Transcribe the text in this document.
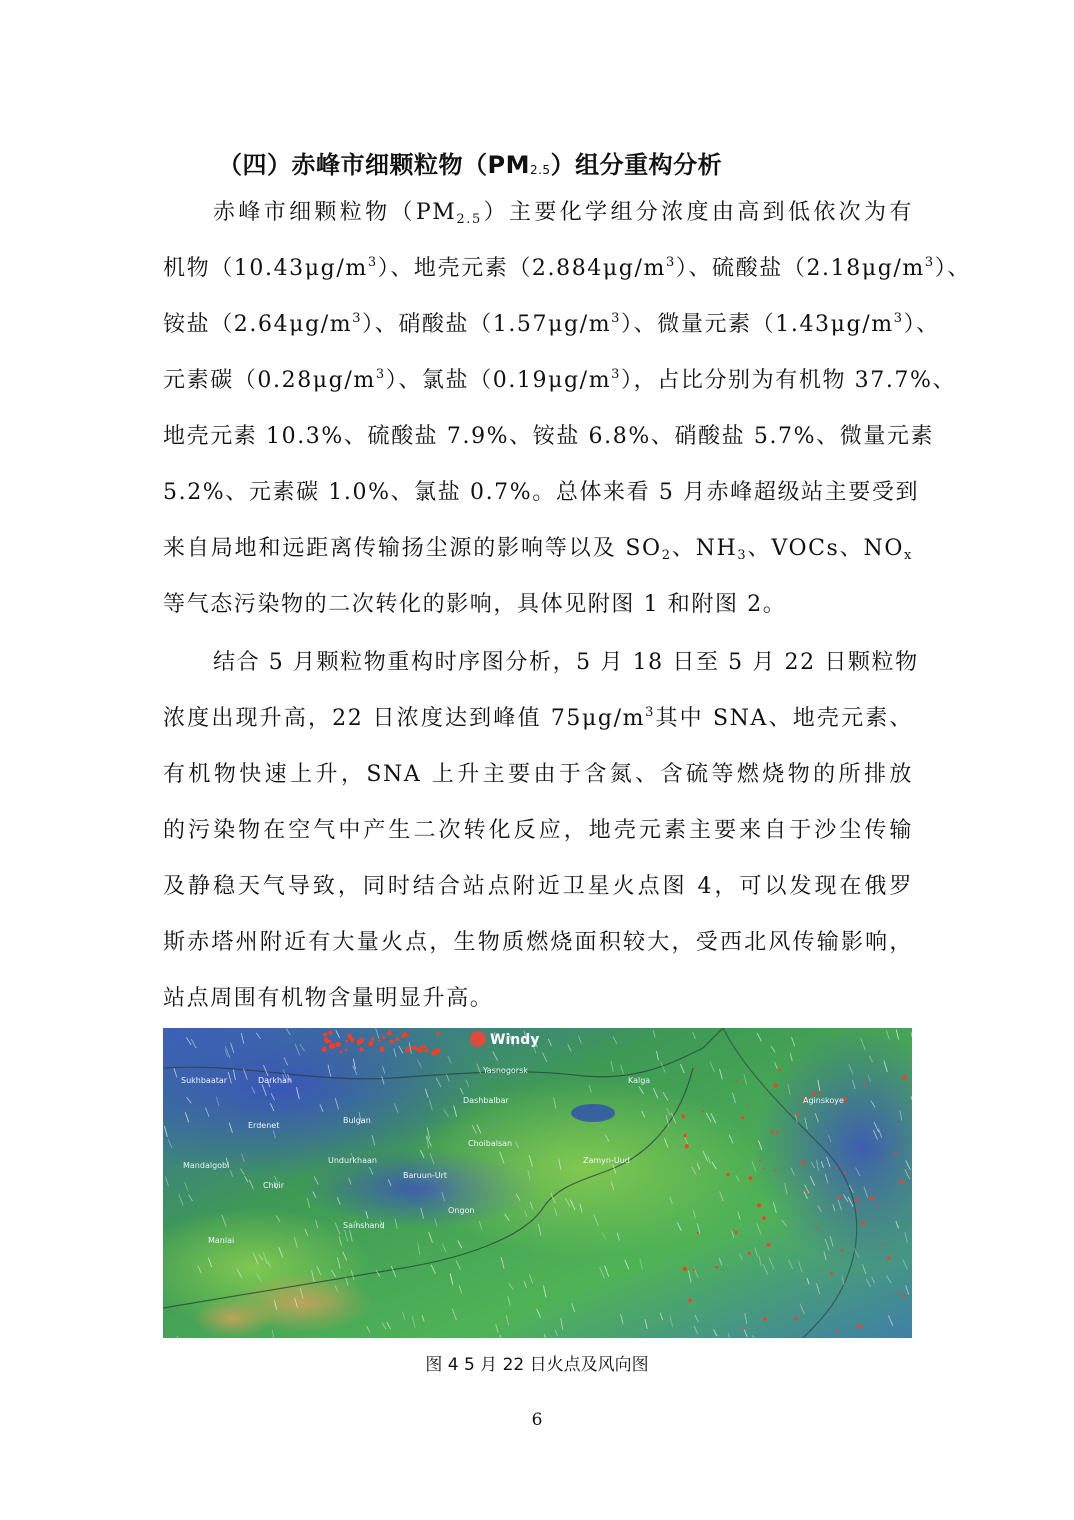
（四）赤峰市细颗粒物$(PM_{2.5})$组分重构分析
赤峰市细颗粒物$(PM_{2.5})$主要化学组分浓度由高到低依次为有
机物$(10.43\mu g/m^3)$、地壳元素$(2.884\mu g/m^3)$、硫酸盐$(2.18\mu g/m^3)$、
铵盐$(2.64\mu g/m^3)$、硝酸盐$(1.57\mu g/m^3)$、微量元素$(1.43\mu g/m^3)$、
元素碳$(0.28\mu g/m^3)$、氯盐$(0.19\mu g/m^3)$，占比分别为有机物 37.7%、
地壳元素 10.3%、硫酸盐 7.9%、铵盐 6.8%、硝酸盐 5.7%、微量元素
5.2%、元素碳 1.0%、氯盐 0.7%。总体来看 5 月赤峰超级站主要受到
来自局地和远距离传输扬尘源的影响等以及 $SO_2$、$NH_3$、VOCs、$NO_x$
等气态污染物的二次转化的影响，具体见附图 1 和附图 2。
结合 5 月颗粒物重构时序图分析，5 月 18 日至 5 月 22 日颗粒物
浓度出现升高，22 日浓度达到峰值 $75\mu g/m^3$其中 SNA、地壳元素、
有机物快速上升，SNA 上升主要由于含氮、含硫等燃烧物的所排放
的污染物在空气中产生二次转化反应，地壳元素主要来自于沙尘传输
及静稳天气导致，同时结合站点附近卫星火点图 4，可以发现在俄罗
斯赤塔州附近有大量火点，生物质燃烧面积较大，受西北风传输影响，
站点周围有机物含量明显升高。
Sukhbaatar	Darkhan
Mandalgobi
Choir
Sainshand
Manlai
Dashbalbar
Choibalsan
Undurkhaan
Baruun-Urt
Zamyn-Uud
Ongon
Kalga
Yasnogorsk
Aginskoye
Erdenet
Bulgan
Windy
图 4 5 月 22 日火点及风向图
6
